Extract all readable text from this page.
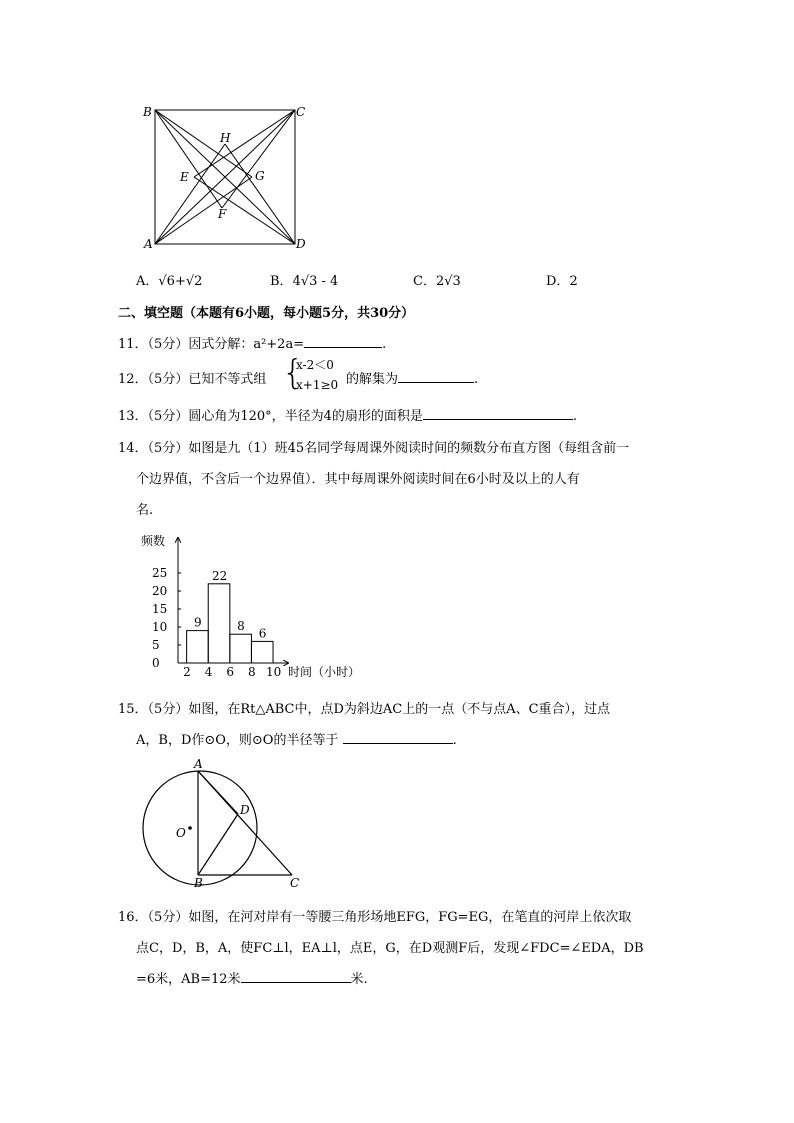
B	C
A	D
H
E	G
F
A．√6+√2	B．4√3 - 4	C．2√3	D．2
二、填空题（本题有6小题，每小题5分，共30分）
11．（5分）因式分解：a²+2a=	.
12．（5分）已知不等式组 {
x-2＜0
x+1≥0 的解集为	.
13．（5分）圆心角为120°，半径为4的扇形的面积是	.
14．（5分）如图是九（1）班45名同学每周课外阅读时间的频数分布直方图（每组含前一
个边界值，不含后一个边界值）．其中每周课外阅读时间在6小时及以上的人有
名.
频数
时间（小时）
0
5
10
15
20
25
2 4 6 8 10
9
22
8
6
15．（5分）如图，在Rt△ABC中，点D为斜边AC上的一点（不与点A、C重合），过点
A，B，D作⊙O，则⊙O的半径等于	.
A
D
O
B	C
16．（5分）如图，在河对岸有一等腰三角形场地EFG，FG=EG，在笔直的河岸上依次取
点C，D，B，A，使FC⊥l，EA⊥l，点E，G，在D观测F后，发现∠FDC=∠EDA，DB
=6米，AB=12米	米.
